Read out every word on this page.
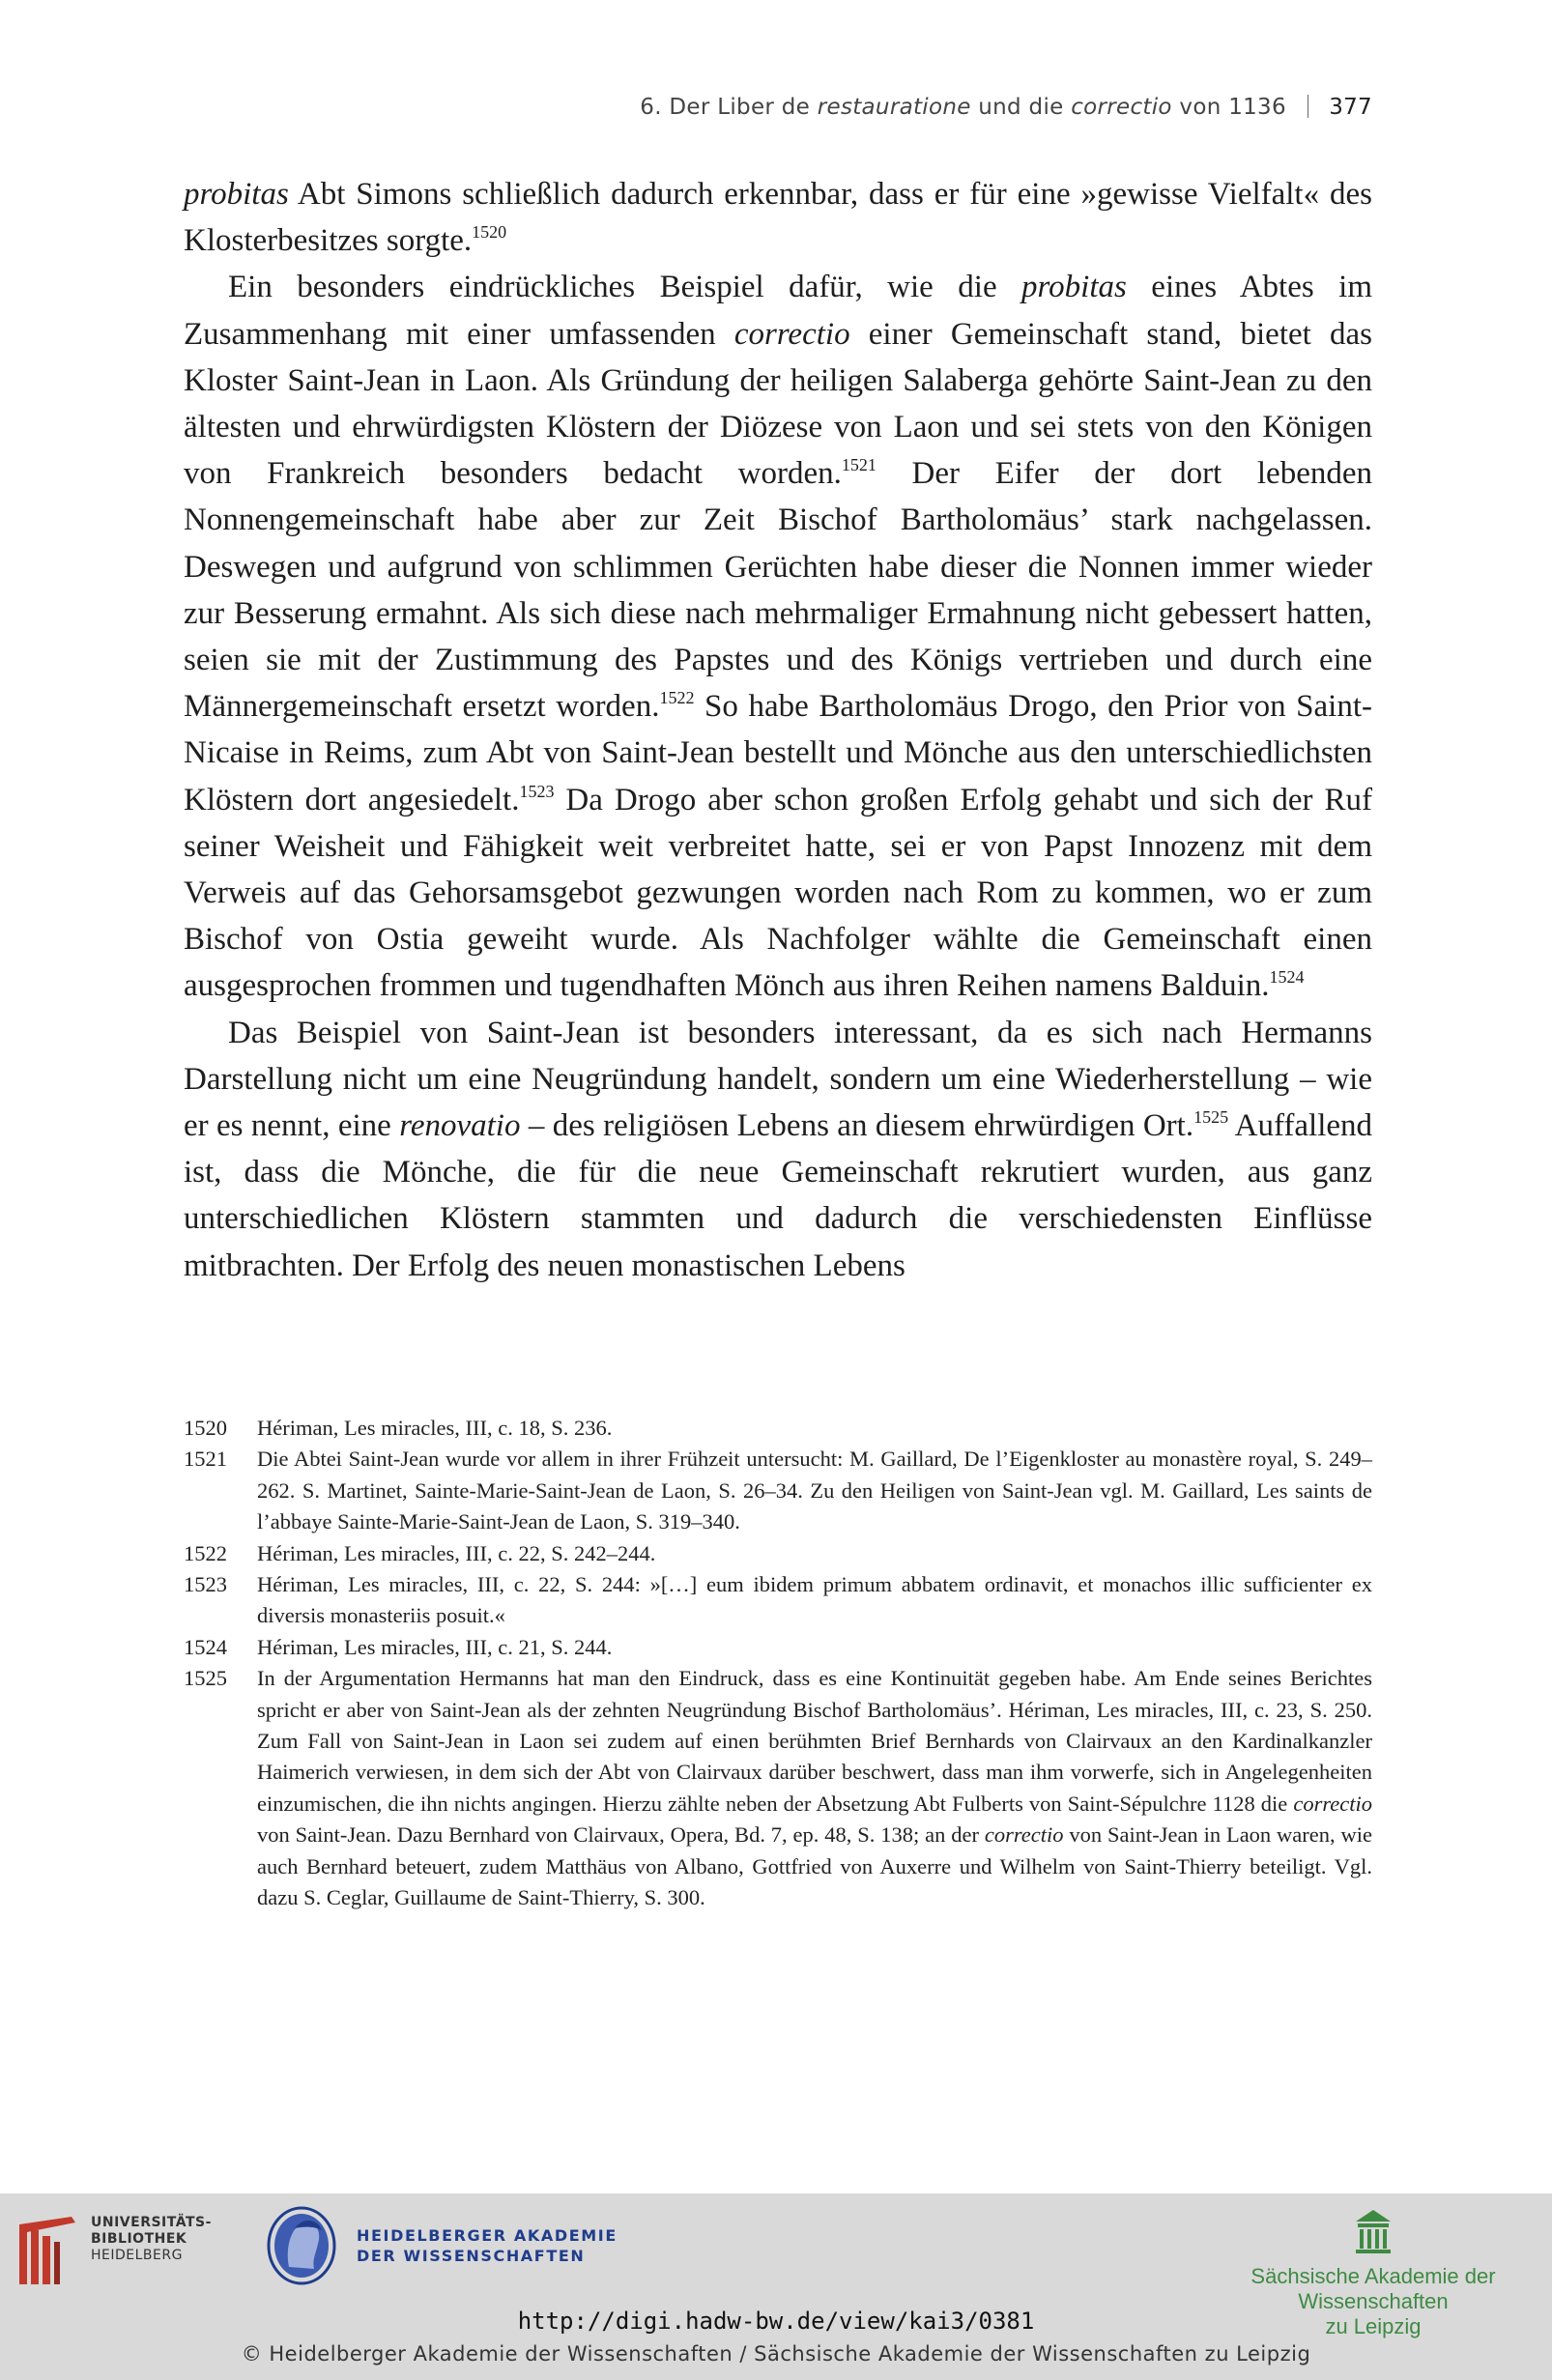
6. Der Liber de restauratione und die correctio von 1136 377

probitas Abt Simons schließlich dadurch erkennbar, dass er für eine »gewisse Vielfalt« des Klosterbesitzes sorgte.$^{1520}$

Ein besonders eindrückliches Beispiel dafür, wie die probitas eines Abtes im Zusammenhang mit einer umfassenden correctio einer Gemeinschaft stand, bietet das Kloster Saint-Jean in Laon. Als Gründung der heiligen Salaberga gehörte Saint-Jean zu den ältesten und ehrwürdigsten Klöstern der Diözese von Laon und sei stets von den Königen von Frankreich besonders bedacht worden.$^{1521}$ Der Eifer der dort lebenden Nonnengemeinschaft habe aber zur Zeit Bischof Bartholomäus’ stark nachgelassen. Deswegen und aufgrund von schlimmen Gerüchten habe dieser die Nonnen immer wieder zur Besserung ermahnt. Als sich diese nach mehrmaliger Ermahnung nicht gebessert hatten, seien sie mit der Zustimmung des Papstes und des Königs vertrieben und durch eine Männergemeinschaft ersetzt worden.$^{1522}$ So habe Bartholomäus Drogo, den Prior von Saint-Nicaise in Reims, zum Abt von Saint-Jean bestellt und Mönche aus den unterschiedlichsten Klöstern dort angesiedelt.$^{1523}$ Da Drogo aber schon großen Erfolg gehabt und sich der Ruf seiner Weisheit und Fähigkeit weit verbreitet hatte, sei er von Papst Innozenz mit dem Verweis auf das Gehorsamsgebot gezwungen worden nach Rom zu kommen, wo er zum Bischof von Ostia geweiht wurde. Als Nachfolger wählte die Gemeinschaft einen ausgesprochen frommen und tugendhaften Mönch aus ihren Reihen namens Balduin.$^{1524}$

Das Beispiel von Saint-Jean ist besonders interessant, da es sich nach Hermanns Darstellung nicht um eine Neugründung handelt, sondern um eine Wiederherstellung – wie er es nennt, eine renovatio – des religiösen Lebens an diesem ehrwürdigen Ort.$^{1525}$ Auffallend ist, dass die Mönche, die für die neue Gemeinschaft rekrutiert wurden, aus ganz unterschiedlichen Klöstern stammten und dadurch die verschiedensten Einflüsse mitbrachten. Der Erfolg des neuen monastischen Lebens

1520	Hériman, Les miracles, III, c. 18, S. 236.
1521	Die Abtei Saint-Jean wurde vor allem in ihrer Frühzeit untersucht: M. Gaillard, De l’Eigenkloster au monastère royal, S. 249–262. S. Martinet, Sainte-Marie-Saint-Jean de Laon, S. 26–34. Zu den Heiligen von Saint-Jean vgl. M. Gaillard, Les saints de l’abbaye Sainte-Marie-Saint-Jean de Laon, S. 319–340.
1522	Hériman, Les miracles, III, c. 22, S. 242–244.
1523	Hériman, Les miracles, III, c. 22, S. 244: »[…] eum ibidem primum abbatem ordinavit, et monachos illic sufficienter ex diversis monasteriis posuit.«
1524	Hériman, Les miracles, III, c. 21, S. 244.
1525	In der Argumentation Hermanns hat man den Eindruck, dass es eine Kontinuität gegeben habe. Am Ende seines Berichtes spricht er aber von Saint-Jean als der zehnten Neugründung Bischof Bartholomäus’. Hériman, Les miracles, III, c. 23, S. 250. Zum Fall von Saint-Jean in Laon sei zudem auf einen berühmten Brief Bernhards von Clairvaux an den Kardinalkanzler Haimerich verwiesen, in dem sich der Abt von Clairvaux darüber beschwert, dass man ihm vorwerfe, sich in Angelegenheiten einzumischen, die ihn nichts angingen. Hierzu zählte neben der Absetzung Abt Fulberts von Saint-Sépulchre 1128 die correctio von Saint-Jean. Dazu Bernhard von Clairvaux, Opera, Bd. 7, ep. 48, S. 138; an der correctio von Saint-Jean in Laon waren, wie auch Bernhard beteuert, zudem Matthäus von Albano, Gottfried von Auxerre und Wilhelm von Saint-Thierry beteiligt. Vgl. dazu S. Ceglar, Guillaume de Saint-Thierry, S. 300.
UNIVERSITÄTS-
BIBLIOTHEK
HEIDELBERG
HEIDELBERGER AKADEMIE
DER WISSENSCHAFTEN
Sächsische Akademie der Wissenschaften
zu Leipzig
http://digi.hadw-bw.de/view/kai3/0381
© Heidelberger Akademie der Wissenschaften / Sächsische Akademie der Wissenschaften zu Leipzig
